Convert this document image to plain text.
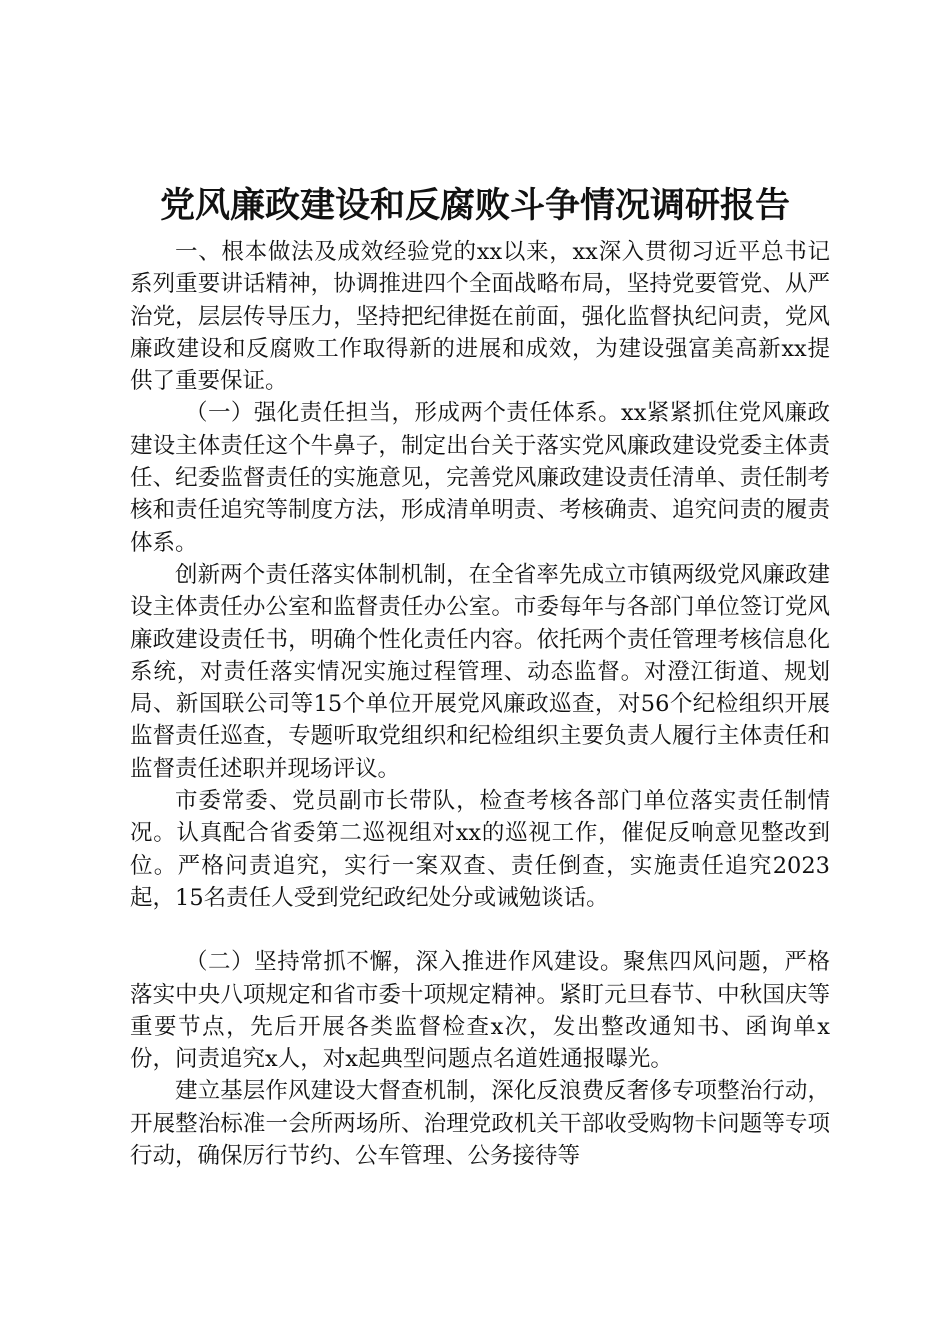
党风廉政建设和反腐败斗争情况调研报告

一、根本做法及成效经验党的xx以来，xx深入贯彻习近平总书记系列重要讲话精神，协调推进四个全面战略布局，坚持党要管党、从严治党，层层传导压力，坚持把纪律挺在前面，强化监督执纪问责，党风廉政建设和反腐败工作取得新的进展和成效，为建设强富美高新xx提供了重要保证。

（一）强化责任担当，形成两个责任体系。xx紧紧抓住党风廉政建设主体责任这个牛鼻子，制定出台关于落实党风廉政建设党委主体责任、纪委监督责任的实施意见，完善党风廉政建设责任清单、责任制考核和责任追究等制度方法，形成清单明责、考核确责、追究问责的履责体系。

创新两个责任落实体制机制，在全省率先成立市镇两级党风廉政建设主体责任办公室和监督责任办公室。市委每年与各部门单位签订党风廉政建设责任书，明确个性化责任内容。依托两个责任管理考核信息化系统，对责任落实情况实施过程管理、动态监督。对澄江街道、规划局、新国联公司等15个单位开展党风廉政巡查，对56个纪检组织开展监督责任巡查，专题听取党组织和纪检组织主要负责人履行主体责任和监督责任述职并现场评议。

市委常委、党员副市长带队，检查考核各部门单位落实责任制情况。认真配合省委第二巡视组对xx的巡视工作，催促反响意见整改到位。严格问责追究，实行一案双查、责任倒查，实施责任追究2023起，15名责任人受到党纪政纪处分或诫勉谈话。

（二）坚持常抓不懈，深入推进作风建设。聚焦四风问题，严格落实中央八项规定和省市委十项规定精神。紧盯元旦春节、中秋国庆等重要节点，先后开展各类监督检查x次，发出整改通知书、函询单x份，问责追究x人，对x起典型问题点名道姓通报曝光。

建立基层作风建设大督查机制，深化反浪费反奢侈专项整治行动，开展整治标准一会所两场所、治理党政机关干部收受购物卡问题等专项行动，确保厉行节约、公车管理、公务接待等
